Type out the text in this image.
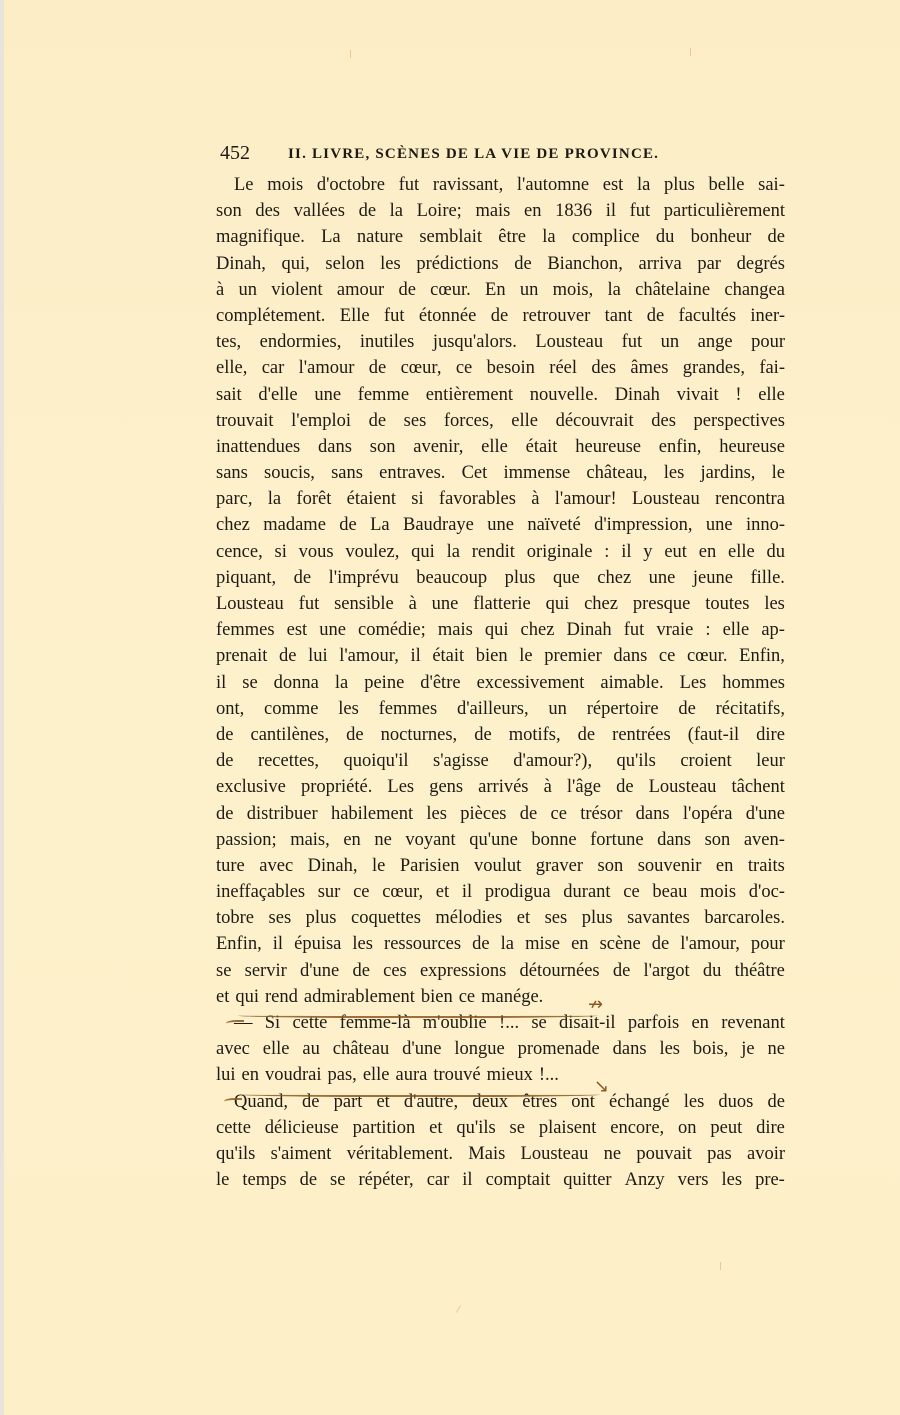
452	II. LIVRE, SCÈNES DE LA VIE DE PROVINCE.
Le mois d'octobre fut ravissant, l'automne est la plus belle sai-
son des vallées de la Loire; mais en 1836 il fut particulièrement
magnifique. La nature semblait être la complice du bonheur de
Dinah, qui, selon les prédictions de Bianchon, arriva par degrés
à un violent amour de cœur. En un mois, la châtelaine changea
complétement. Elle fut étonnée de retrouver tant de facultés iner-
tes, endormies, inutiles jusqu'alors. Lousteau fut un ange pour
elle, car l'amour de cœur, ce besoin réel des âmes grandes, fai-
sait d'elle une femme entièrement nouvelle. Dinah vivait ! elle
trouvait l'emploi de ses forces, elle découvrait des perspectives
inattendues dans son avenir, elle était heureuse enfin, heureuse
sans soucis, sans entraves. Cet immense château, les jardins, le
parc, la forêt étaient si favorables à l'amour! Lousteau rencontra
chez madame de La Baudraye une naïveté d'impression, une inno-
cence, si vous voulez, qui la rendit originale : il y eut en elle du
piquant, de l'imprévu beaucoup plus que chez une jeune fille.
Lousteau fut sensible à une flatterie qui chez presque toutes les
femmes est une comédie; mais qui chez Dinah fut vraie : elle ap-
prenait de lui l'amour, il était bien le premier dans ce cœur. Enfin,
il se donna la peine d'être excessivement aimable. Les hommes
ont, comme les femmes d'ailleurs, un répertoire de récitatifs,
de cantilènes, de nocturnes, de motifs, de rentrées (faut-il dire
de recettes, quoiqu'il s'agisse d'amour?), qu'ils croient leur
exclusive propriété. Les gens arrivés à l'âge de Lousteau tâchent
de distribuer habilement les pièces de ce trésor dans l'opéra d'une
passion; mais, en ne voyant qu'une bonne fortune dans son aven-
ture avec Dinah, le Parisien voulut graver son souvenir en traits
ineffaçables sur ce cœur, et il prodigua durant ce beau mois d'oc-
tobre ses plus coquettes mélodies et ses plus savantes barcaroles.
Enfin, il épuisa les ressources de la mise en scène de l'amour, pour
se servir d'une de ces expressions détournées de l'argot du théâtre
et qui rend admirablement bien ce manége.
— Si cette femme-là m'oublie !... se disait-il parfois en revenant
avec elle au château d'une longue promenade dans les bois, je ne
lui en voudrai pas, elle aura trouvé mieux !...
Quand, de part et d'autre, deux êtres ont échangé les duos de
cette délicieuse partition et qu'ils se plaisent encore, on peut dire
qu'ils s'aiment véritablement. Mais Lousteau ne pouvait pas avoir
le temps de se répéter, car il comptait quitter Anzy vers les pre-
↛
↘
